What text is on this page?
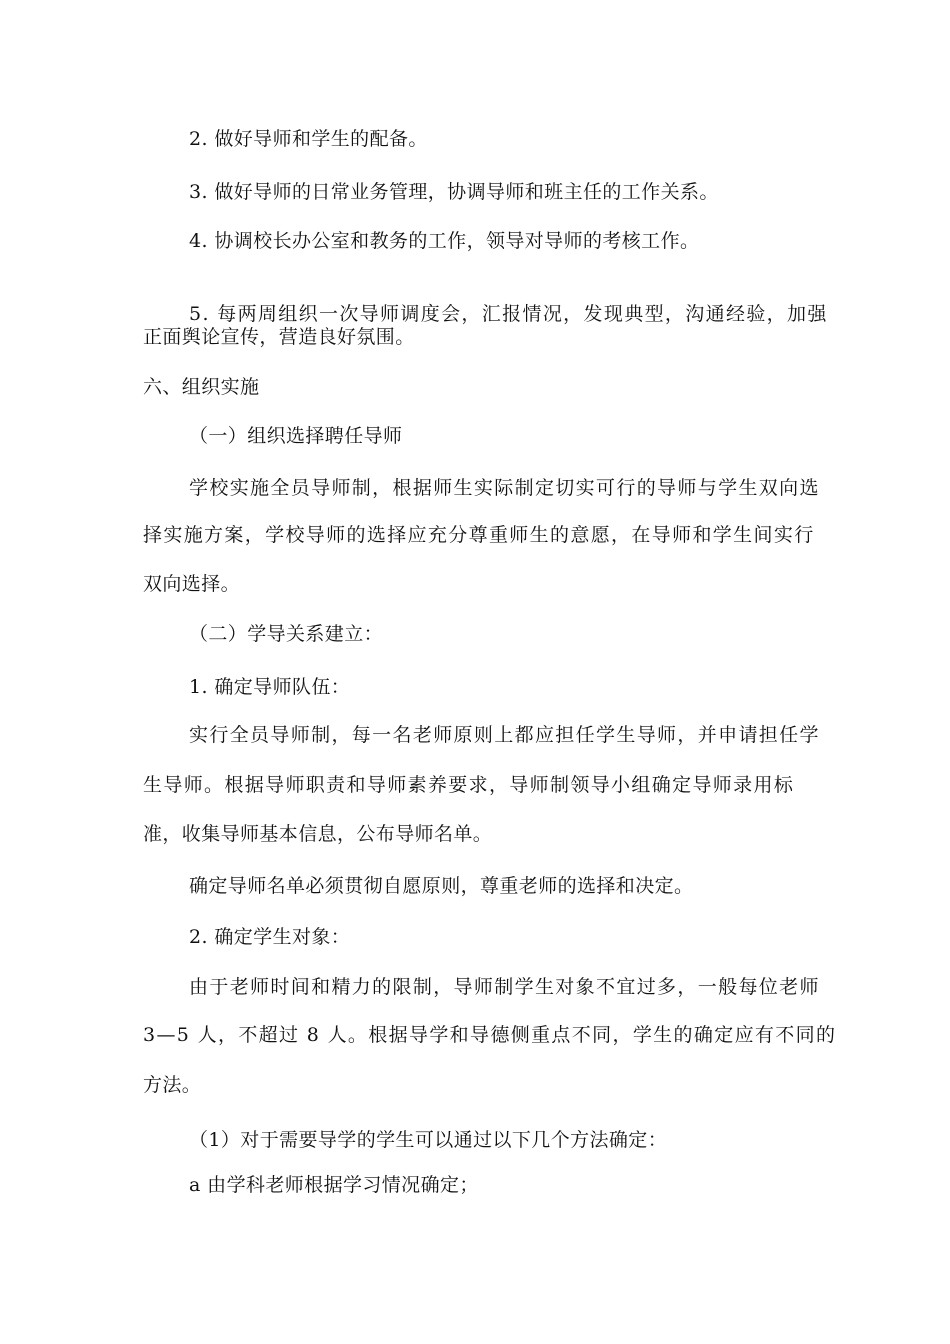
2. 做好导师和学生的配备。
3. 做好导师的日常业务管理，协调导师和班主任的工作关系。
4. 协调校长办公室和教务的工作，领导对导师的考核工作。
5. 每两周组织一次导师调度会，汇报情况，发现典型，沟通经验，加强
正面舆论宣传，营造良好氛围。
六、组织实施
（一）组织选择聘任导师
学校实施全员导师制，根据师生实际制定切实可行的导师与学生双向选
择实施方案，学校导师的选择应充分尊重师生的意愿，在导师和学生间实行
双向选择。
（二）学导关系建立：
1. 确定导师队伍：
实行全员导师制，每一名老师原则上都应担任学生导师，并申请担任学
生导师。根据导师职责和导师素养要求，导师制领导小组确定导师录用标
准，收集导师基本信息，公布导师名单。
确定导师名单必须贯彻自愿原则，尊重老师的选择和决定。
2. 确定学生对象：
由于老师时间和精力的限制，导师制学生对象不宜过多，一般每位老师
3—5 人，不超过 8 人。根据导学和导德侧重点不同，学生的确定应有不同的
方法。
（1）对于需要导学的学生可以通过以下几个方法确定：
a 由学科老师根据学习情况确定；
